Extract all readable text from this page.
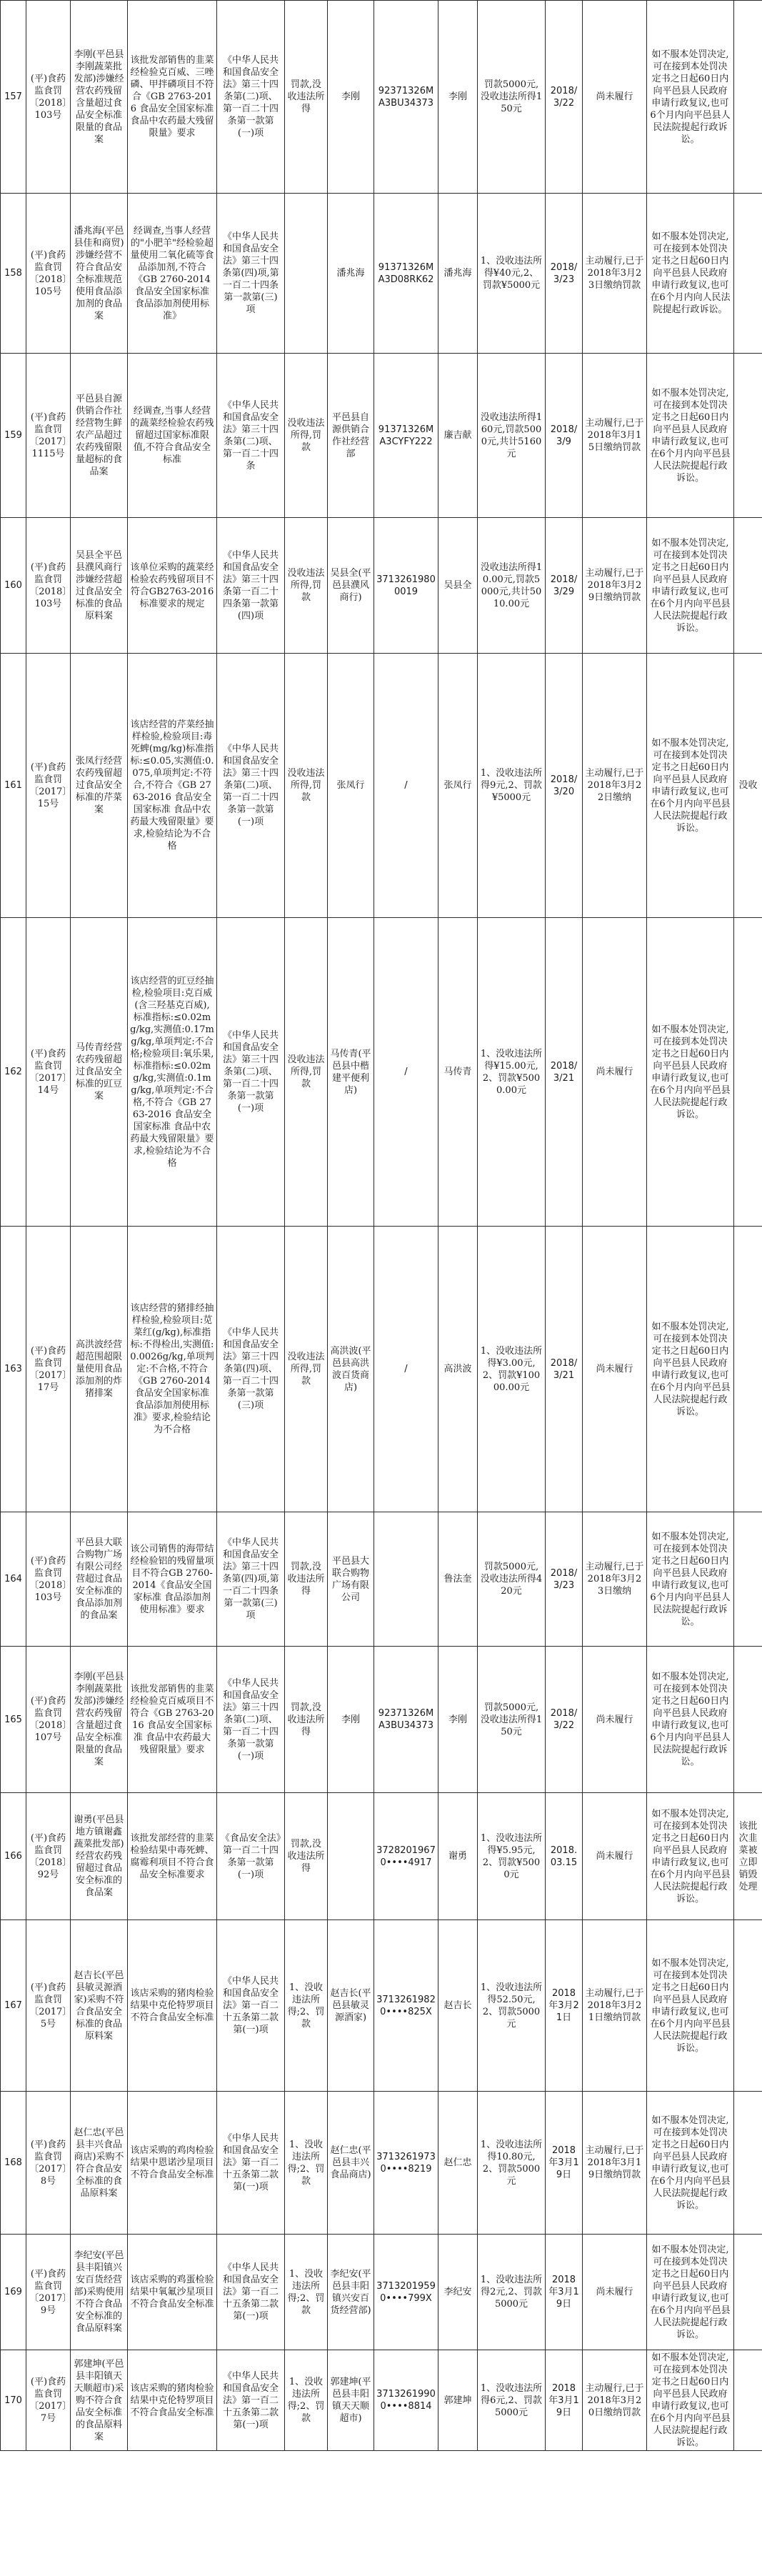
157	(平)食药监食罚〔2018〕103号	李刚(平邑县李刚蔬菜批发部)涉嫌经营农药残留含量超过食品安全标准限量的食品案	该批发部销售的韭菜经检验克百威、三唑磷、甲拌磷项目不符合《GB 2763-2016 食品安全国家标准 食品中农药最大残留限量》要求	《中华人民共和国食品安全法》第三十四条第(二)项、第一百二十四条第一款第(一)项	罚款,没收违法所得	李刚	92371326MA3BU34373	李刚	罚款5000元,没收违法所得150元	2018/3/22	尚未履行	如不服本处罚决定,可在接到本处罚决定书之日起60日内向平邑县人民政府申请行政复议,也可6个月内向平邑县人民法院提起行政诉讼。	
158	(平)食药监食罚〔2018〕105号	潘兆海(平邑县佳和商贸)涉嫌经营不符合食品安全标准规范使用食品添加剂的食品案	经调查,当事人经营的"小肥羊"经检验超量使用二氧化硫等食品添加剂,不符合《GB 2760-2014 食品安全国家标准 食品添加剂使用标准》	《中华人民共和国食品安全法》第三十四条第(四)项,第一百二十四条第一款第(三)项		潘兆海	91371326MA3D08RK62	潘兆海	1、没收违法所得¥40元,2、罚款¥5000元	2018/3/23	主动履行,已于2018年3月23日缴纳罚款	如不服本处罚决定,可在接到本处罚决定书之日起60日内向平邑县人民政府申请行政复议,也可在6个月内向人民法院提起行政诉讼。	
159	(平)食药监食罚〔2017〕1115号	平邑县自源供销合作社经营物生鲜农产品超过农药残留限量超标的食品案	经调查,当事人经营的蔬菜经检验农药残留超过国家标准限值,不符合食品安全标准	《中华人民共和国食品安全法》第三十四条第(二)项、第一百二十四条	没收违法所得,罚款	平邑县自源供销合作社经营部	91371326MA3CYFY222	廉吉献	没收违法所得160元,罚款5000元,共计5160元	2018/3/9	主动履行,已于2018年3月15日缴纳罚款	如不服本处罚决定,可在接到本处罚决定书之日起60日内向平邑县人民政府申请行政复议,也可在6个月内向平邑县人民法院提起行政诉讼。	
160	(平)食药监食罚〔2018〕103号	吴县全平邑县濮风商行涉嫌经营超过食品安全标准的食品原料案	该单位采购的蔬菜经检验农药残留项目不符合GB2763-2016标准要求的规定	《中华人民共和国食品安全法》第三十四条第一百二十四条第一款第(四)项	没收违法所得,罚款	吴县全(平邑县濮风商行)	37132619800019	吴县全	没收违法所得10.00元,罚款5000元,共计5010.00元	2018/3/29	主动履行,已于2018年3月29日缴纳罚款	如不服本处罚决定,可在接到本处罚决定书之日起60日内向平邑县人民政府申请行政复议,也可在6个月内向平邑县人民法院提起行政诉讼。	
161	(平)食药监食罚〔2017〕15号	张凤行经营农药残留超过食品安全标准的芹菜案	该店经营的芹菜经抽样检验,检验项目:毒死蜱(mg/kg)标准指标:≤0.05,实测值:0.075,单项判定:不符合,不符合《GB 2763-2016 食品安全国家标准 食品中农药最大残留限量》要求,检验结论为不合格	《中华人民共和国食品安全法》第三十四条第(二)项、第一百二十四条第一款第(一)项	没收违法所得,罚款	张凤行	/	张凤行	1、没收违法所得9元,2、罚款¥5000元	2018/3/20	主动履行,已于2018年3月22日缴纳	如不服本处罚决定,可在接到本处罚决定书之日起60日内向平邑县人民政府申请行政复议,也可在6个月内向平邑县人民法院提起行政诉讼。	没收
162	(平)食药监食罚〔2017〕14号	马传青经营农药残留超过食品安全标准的豇豆案	该店经营的豇豆经抽检,检验项目:克百威(含三羟基克百威),标准指标:≤0.02mg/kg,实测值:0.17mg/kg,单项判定:不合格;检验项目:氧乐果,标准指标:≤0.02mg/kg,实测值:0.1mg/kg,单项判定:不合格,不符合《GB 2763-2016 食品安全国家标准 食品中农药最大残留限量》要求,检验结论为不合格	《中华人民共和国食品安全法》第三十四条第(二)项、第一百二十四条第一款第(一)项	没收违法所得,罚款	马传青(平邑县中楷建平便利店)	/	马传青	1、没收违法所得¥15.00元,2、罚款¥5000.00元	2018/3/21	尚未履行	如不服本处罚决定,可在接到本处罚决定书之日起60日内向平邑县人民政府申请行政复议,也可在6个月内向平邑县人民法院提起行政诉讼。	
163	(平)食药监食罚〔2017〕17号	高洪波经营超范围超限量使用食品添加剂的炸猪排案	该店经营的猪排经抽样检验,检验项目:苋菜红(g/kg),标准指标:不得检出,实测值:0.0026g/kg,单项判定:不合格,不符合《GB 2760-2014 食品安全国家标准 食品添加剂使用标准》要求,检验结论为不合格	《中华人民共和国食品安全法》第三十四条第(四)项、第一百二十四条第一款第(三)项	没收违法所得,罚款	高洪波(平邑县高洪波百货商店)	/	高洪波	1、没收违法所得¥3.00元,2、罚款¥10000.00元	2018/3/21	尚未履行	如不服本处罚决定,可在接到本处罚决定书之日起60日内向平邑县人民政府申请行政复议,也可在6个月内向平邑县人民法院提起行政诉讼。	
164	(平)食药监食罚〔2018〕103号	平邑县大联合购物广场有限公司经营超过食品安全标准的食品添加剂的食品案	该公司销售的海带结经检验铝的残留量项目不符合GB 2760-2014《食品安全国家标准 食品添加剂使用标准》要求	《中华人民共和国食品安全法》第三十四条第(四)项,第一百二十四条第一款第(三)项	罚款,没收违法所得	平邑县大联合购物广场有限公司		鲁法奎	罚款5000元,没收违法所得420元	2018/3/23	主动履行,已于2018年3月23日缴纳	如不服本处罚决定,可在接到本处罚决定书之日起60日内向平邑县人民政府申请行政复议,也可6个月内向平邑县人民法院提起行政诉讼。	
165	(平)食药监食罚〔2018〕107号	李刚(平邑县李刚蔬菜批发部)涉嫌经营农药残留含量超过食品安全标准限量的食品案	该批发部销售的韭菜经检验克百威项目不符合《GB 2763-2016 食品安全国家标准 食品中农药最大残留限量》要求	《中华人民共和国食品安全法》第三十四条第(二)项、第一百二十四条第一款第(一)项	罚款,没收违法所得	李刚	92371326MA3BU34373	李刚	罚款5000元,没收违法所得150元	2018/3/22	尚未履行	如不服本处罚决定,可在接到本处罚决定书之日起60日内向平邑县人民政府申请行政复议,也可6个月内向平邑县人民法院提起行政诉讼。	
166	(平)食药监食罚〔2018〕92号	谢勇(平邑县地方镇谢鑫蔬菜批发部)经营农药残留超过食品安全标准的食品案	该批发部经营的韭菜检验结果中毒死蜱、腐霉利项目不符合食品安全标准要求	《食品安全法》第一百二十四条第一款第(一)项	罚款,没收违法所得		37282019670••••4917	谢勇	1、没收违法所得¥5.95元,2、罚款¥5000元	2018.03.15	尚未履行	如不服本处罚决定,可在接到本处罚决定书之日起60日内向平邑县人民政府申请行政复议,也可在6个月内向平邑县人民法院提起行政诉讼。	该批次韭菜被立即销毁处理
167	(平)食药监食罚〔2017〕5号	赵吉长(平邑县敏灵源酒家)采购不符合食品安全标准的食品原料案	该店采购的猪肉检验结果中克伦特罗项目不符合食品安全标准	《中华人民共和国食品安全法》第一百二十五条第二款第(一)项	1、没收违法所得;2、罚款	赵吉长(平邑县敏灵源酒家)	37132619820••••825X	赵吉长	1、没收违法所得52.50元,2、罚款5000元	2018年3月21日	主动履行,已于2018年3月21日缴纳罚款	如不服本处罚决定,可在接到本处罚决定书之日起60日内向平邑县人民政府申请行政复议,也可在6个月内向平邑县人民法院提起行政诉讼。	
168	(平)食药监食罚〔2017〕8号	赵仁忠(平邑县丰兴食品商店)采购不符合食品安全标准的食品原料案	该店采购的鸡肉检验结果中恩诺沙星项目不符合食品安全标准	《中华人民共和国食品安全法》第一百二十五条第二款第(一)项	1、没收违法所得;2、罚款	赵仁忠(平邑县丰兴食品商店)	37132619730••••8219	赵仁忠	1、没收违法所得10.80元,2、罚款5000元	2018年3月19日	主动履行,已于2018年3月19日缴纳罚款	如不服本处罚决定,可在接到本处罚决定书之日起60日内向平邑县人民政府申请行政复议,也可在6个月内向平邑县人民法院提起行政诉讼。	
169	(平)食药监食罚〔2017〕9号	李纪安(平邑县丰阳镇兴安百货经营部)采购使用不符合食品安全标准的食品原料案	该店采购的鸡蛋检验结果中氧氟沙星项目不符合食品安全标准	《中华人民共和国食品安全法》第一百二十五条第二款第(一)项	1、没收违法所得;2、罚款	李纪安(平邑县丰阳镇兴安百货经营部)	37132019590••••799X	李纪安	1、没收违法所得2元,2、罚款5000元	2018年3月19日	尚未履行	如不服本处罚决定,可在接到本处罚决定书之日起60日内向平邑县人民政府申请行政复议,也可在6个月内向平邑县人民法院提起行政诉讼。	
170	(平)食药监食罚〔2017〕7号	郭建坤(平邑县丰阳镇天天顺超市)采购不符合食品安全标准的食品原料案	该店采购的猪肉检验结果中克伦特罗项目不符合食品安全标准	《中华人民共和国食品安全法》第一百二十五条第二款第(一)项	1、没收违法所得;2、罚款	郭建坤(平邑县丰阳镇天天顺超市)	37132619900••••8814	郭建坤	1、没收违法所得6元,2、罚款5000元	2018年3月19日	主动履行,已于2018年3月20日缴纳罚款	如不服本处罚决定,可在接到本处罚决定书之日起60日内向平邑县人民政府申请行政复议,也可在6个月内向平邑县人民法院提起行政诉讼。	
